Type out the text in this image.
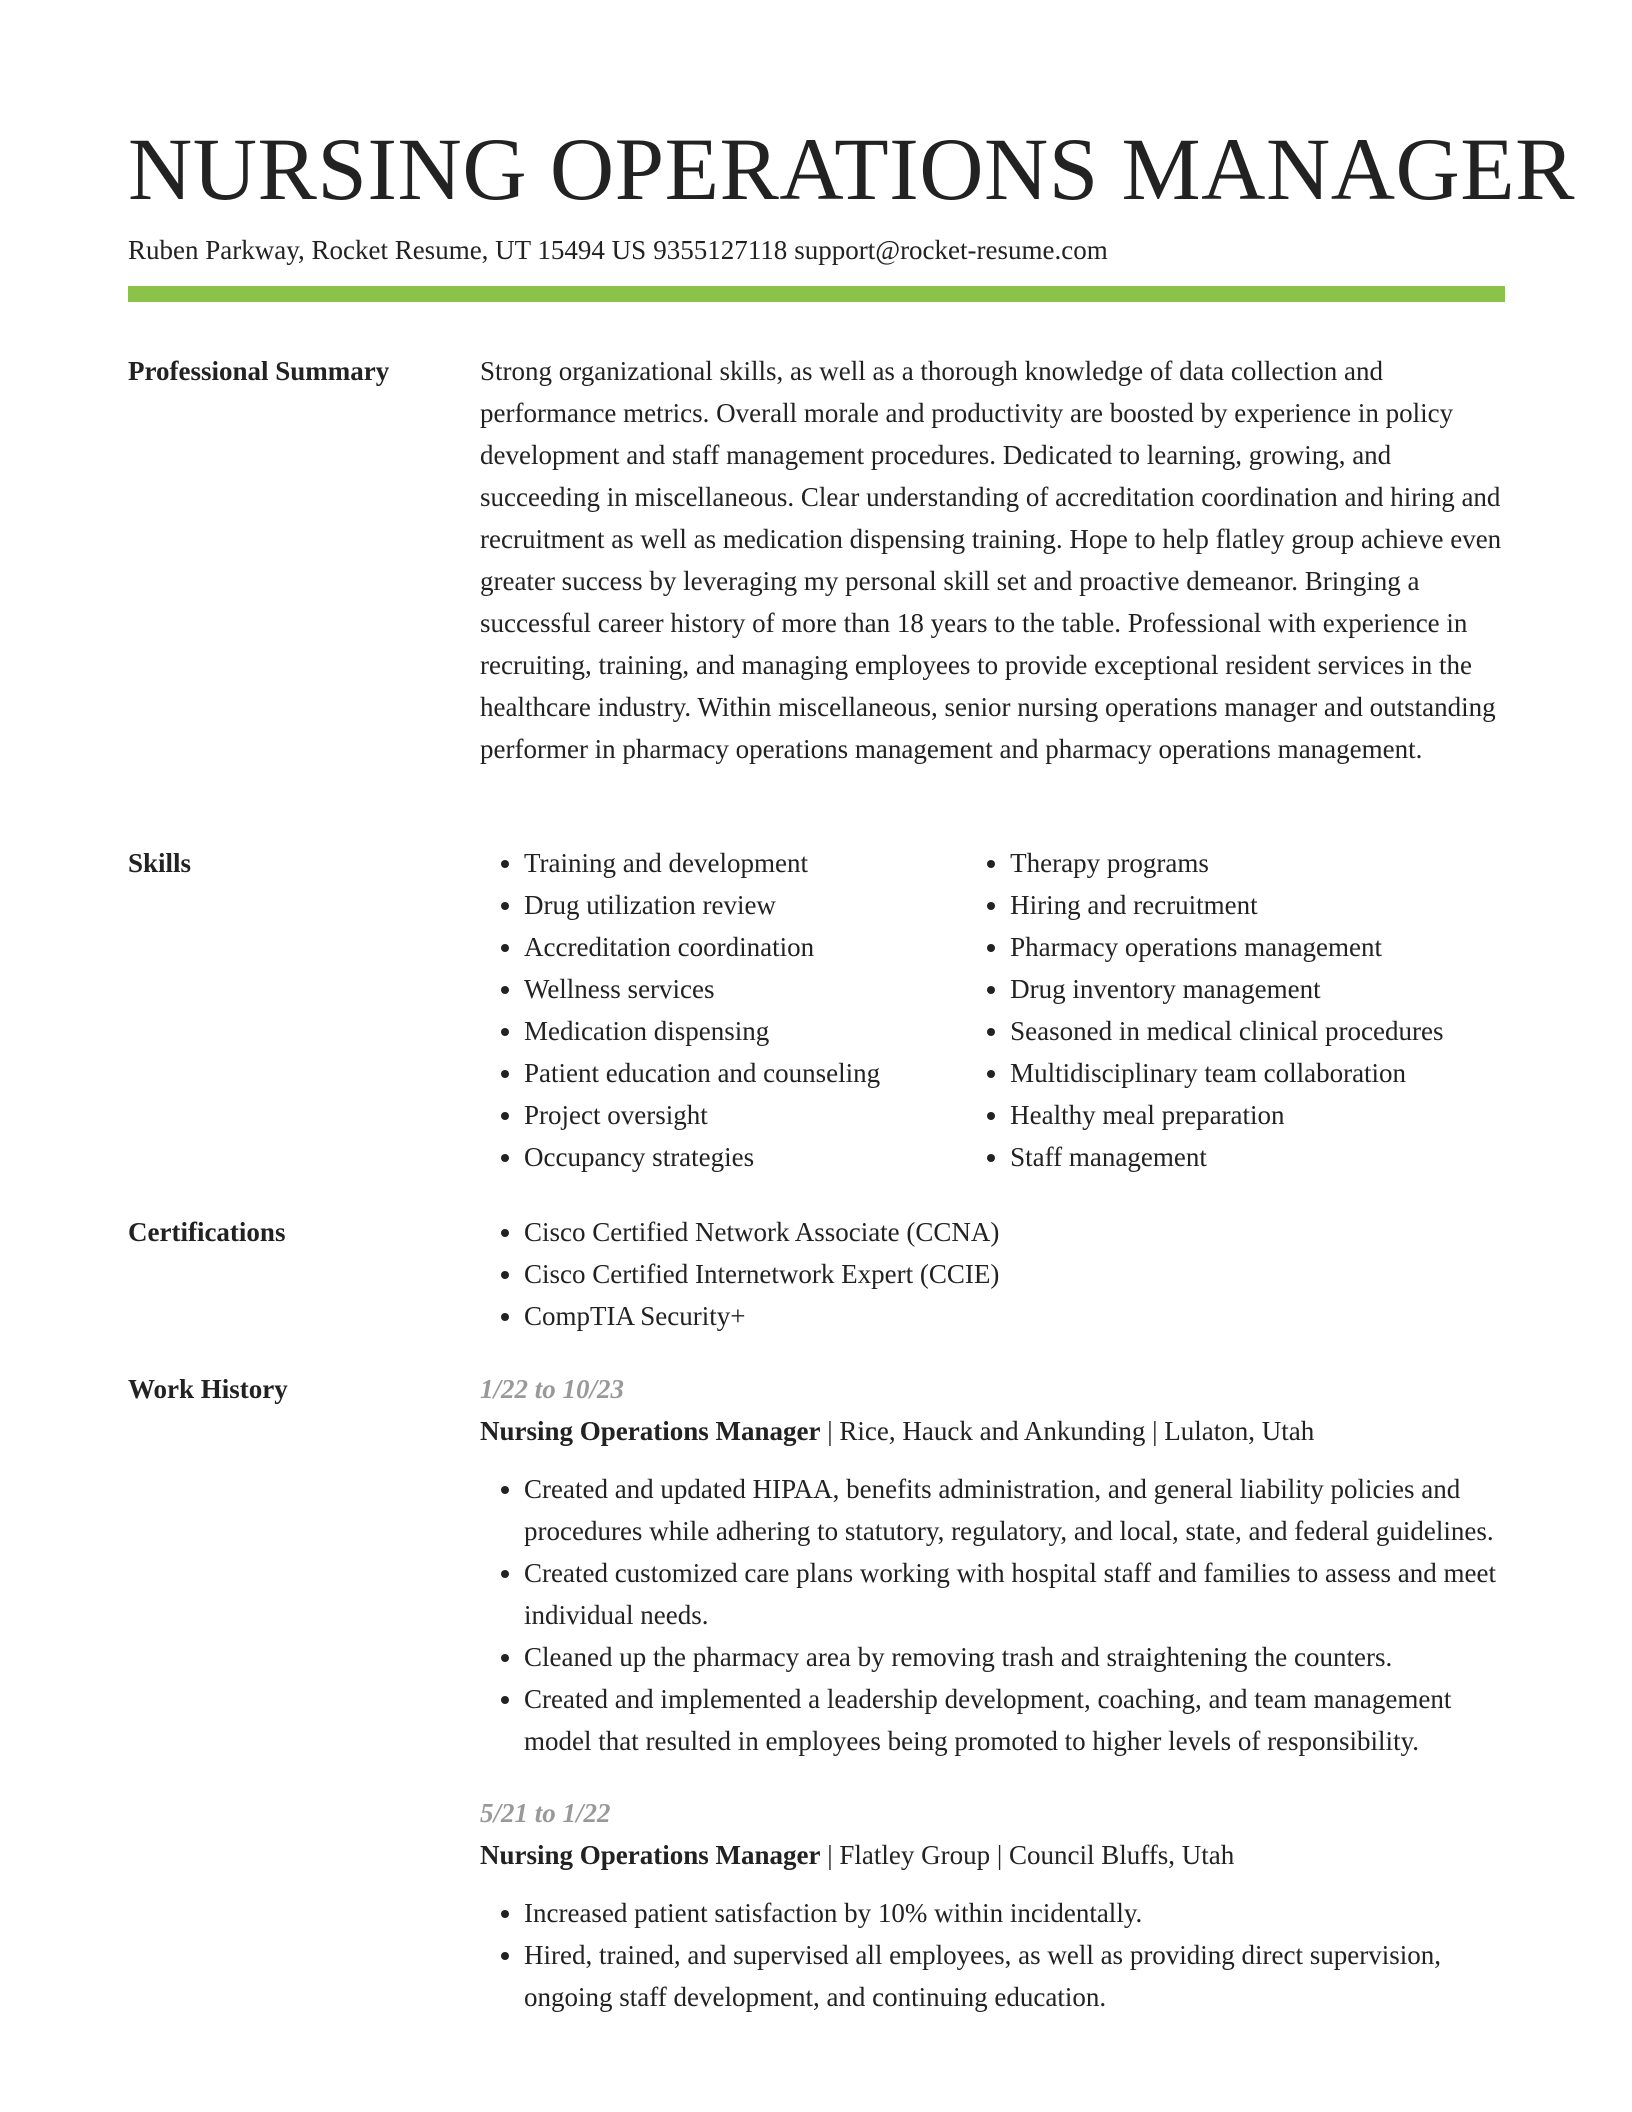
NURSING OPERATIONS MANAGER
Ruben Parkway, Rocket Resume, UT 15494 US 9355127118 support@rocket-resume.com
Professional Summary	Strong organizational skills, as well as a thorough knowledge of data collection and performance metrics. Overall morale and productivity are boosted by experience in policy development and staff management procedures. Dedicated to learning, growing, and succeeding in miscellaneous. Clear understanding of accreditation coordination and hiring and recruitment as well as medication dispensing training. Hope to help flatley group achieve even greater success by leveraging my personal skill set and proactive demeanor. Bringing a successful career history of more than 18 years to the table. Professional with experience in recruiting, training, and managing employees to provide exceptional resident services in the healthcare industry. Within miscellaneous, senior nursing operations manager and outstanding performer in pharmacy operations management and pharmacy operations management.
Skills	• Training and development
• Drug utilization review
• Accreditation coordination
• Wellness services
• Medication dispensing
• Patient education and counseling
• Project oversight
• Occupancy strategies
• Therapy programs
• Hiring and recruitment
• Pharmacy operations management
• Drug inventory management
• Seasoned in medical clinical procedures
• Multidisciplinary team collaboration
• Healthy meal preparation
• Staff management
Certifications	• Cisco Certified Network Associate (CCNA)
• Cisco Certified Internetwork Expert (CCIE)
• CompTIA Security+
Work History	1/22 to 10/23
Nursing Operations Manager | Rice, Hauck and Ankunding | Lulaton, Utah
• Created and updated HIPAA, benefits administration, and general liability policies and procedures while adhering to statutory, regulatory, and local, state, and federal guidelines.
• Created customized care plans working with hospital staff and families to assess and meet individual needs.
• Cleaned up the pharmacy area by removing trash and straightening the counters.
• Created and implemented a leadership development, coaching, and team management model that resulted in employees being promoted to higher levels of responsibility.
5/21 to 1/22
Nursing Operations Manager | Flatley Group | Council Bluffs, Utah
• Increased patient satisfaction by 10% within incidentally.
• Hired, trained, and supervised all employees, as well as providing direct supervision, ongoing staff development, and continuing education.
